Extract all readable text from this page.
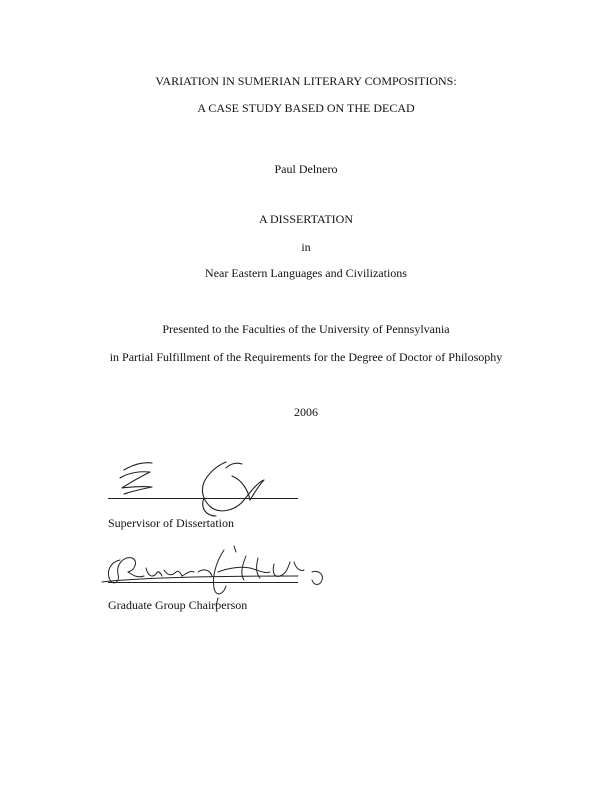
VARIATION IN SUMERIAN LITERARY COMPOSITIONS:
A CASE STUDY BASED ON THE DECAD
Paul Delnero
A DISSERTATION
in
Near Eastern Languages and Civilizations
Presented to the Faculties of the University of Pennsylvania
in Partial Fulfillment of the Requirements for the Degree of Doctor of Philosophy
2006
Supervisor of Dissertation
Graduate Group Chairperson
